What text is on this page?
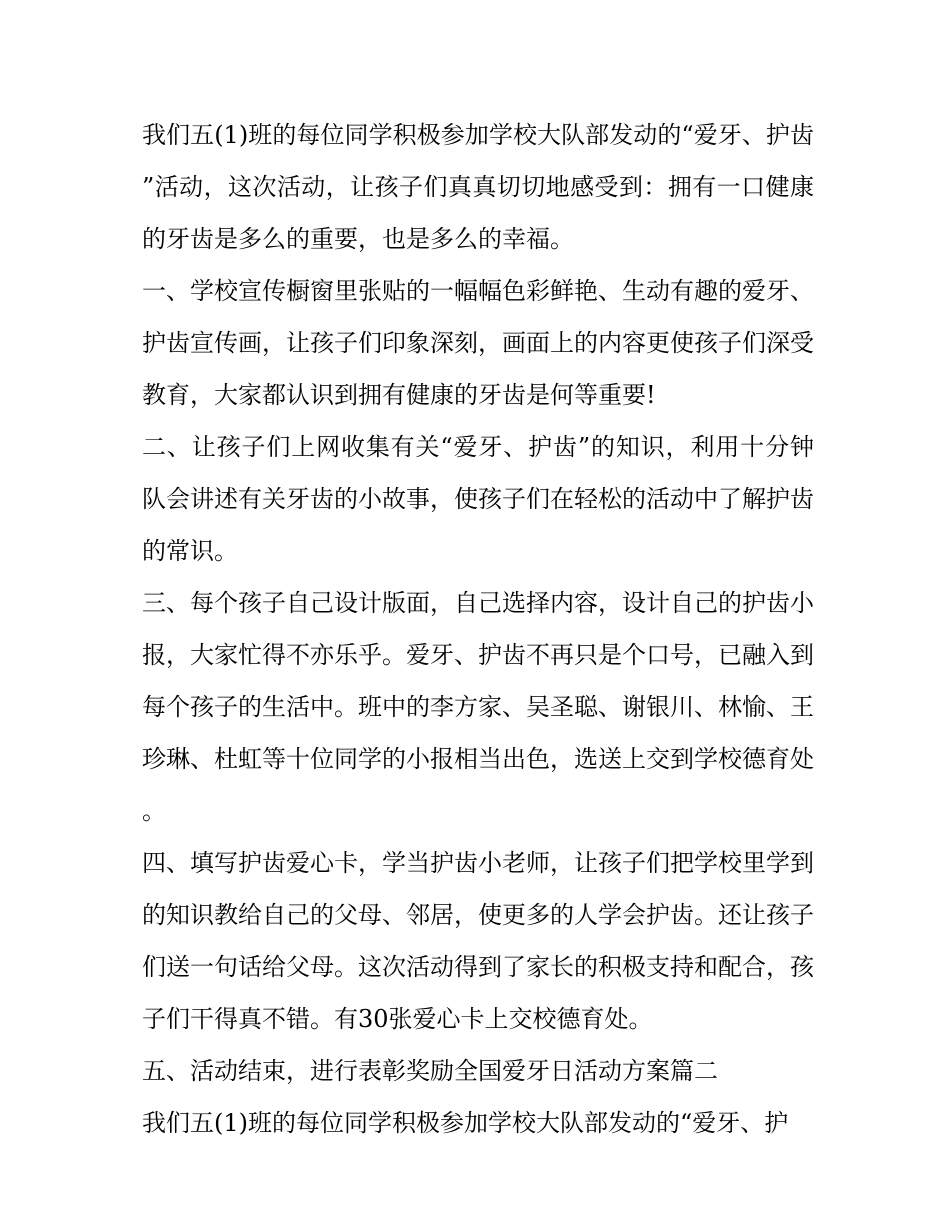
我们五(1)班的每位同学积极参加学校大队部发动的“爱牙、护齿”活动，这次活动，让孩子们真真切切地感受到：拥有一口健康的牙齿是多么的重要，也是多么的幸福。

一、学校宣传橱窗里张贴的一幅幅色彩鲜艳、生动有趣的爱牙、护齿宣传画，让孩子们印象深刻，画面上的内容更使孩子们深受教育，大家都认识到拥有健康的牙齿是何等重要!

二、让孩子们上网收集有关“爱牙、护齿”的知识，利用十分钟队会讲述有关牙齿的小故事，使孩子们在轻松的活动中了解护齿的常识。

三、每个孩子自己设计版面，自己选择内容，设计自己的护齿小报，大家忙得不亦乐乎。爱牙、护齿不再只是个口号，已融入到每个孩子的生活中。班中的李方家、吴圣聪、谢银川、林愉、王珍琳、杜虹等十位同学的小报相当出色，选送上交到学校德育处。

四、填写护齿爱心卡，学当护齿小老师，让孩子们把学校里学到的知识教给自己的父母、邻居，使更多的人学会护齿。还让孩子们送一句话给父母。这次活动得到了家长的积极支持和配合，孩子们干得真不错。有30张爱心卡上交校德育处。

五、活动结束，进行表彰奖励全国爱牙日活动方案篇二

我们五(1)班的每位同学积极参加学校大队部发动的“爱牙、护
